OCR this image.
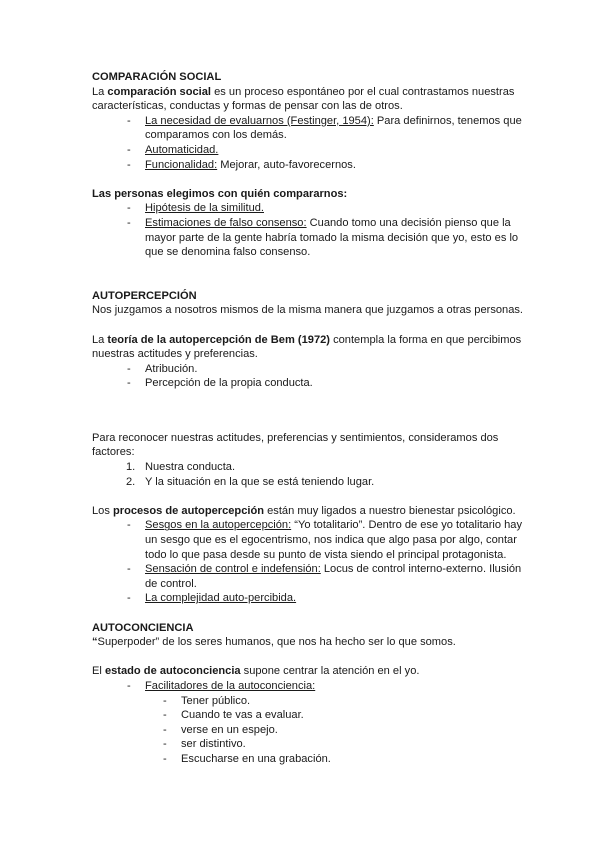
COMPARACIÓN SOCIAL

La comparación social es un proceso espontáneo por el cual contrastamos nuestras características, conductas y formas de pensar con las de otros.

- La necesidad de evaluarnos (Festinger, 1954): Para definirnos, tenemos que comparamos con los demás.
- Automaticidad.
- Funcionalidad: Mejorar, auto-favorecernos.

Las personas elegimos con quién compararnos:

- Hipótesis de la similitud.
- Estimaciones de falso consenso: Cuando tomo una decisión pienso que la mayor parte de la gente habría tomado la misma decisión que yo, esto es lo que se denomina falso consenso.

AUTOPERCEPCIÓN

Nos juzgamos a nosotros mismos de la misma manera que juzgamos a otras personas.

La teoría de la autopercepción de Bem (1972) contempla la forma en que percibimos nuestras actitudes y preferencias.

- Atribución.
- Percepción de la propia conducta.

Para reconocer nuestras actitudes, preferencias y sentimientos, consideramos dos factores:

1. Nuestra conducta.
2. Y la situación en la que se está teniendo lugar.

Los procesos de autopercepción están muy ligados a nuestro bienestar psicológico.

- Sesgos en la autopercepción: “Yo totalitario”. Dentro de ese yo totalitario hay un sesgo que es el egocentrismo, nos indica que algo pasa por algo, contar todo lo que pasa desde su punto de vista siendo el principal protagonista.
- Sensación de control e indefensión: Locus de control interno-externo. Ilusión de control.
- La complejidad auto-percibida.

AUTOCONCIENCIA

“Superpoder” de los seres humanos, que nos ha hecho ser lo que somos.

El estado de autoconciencia supone centrar la atención en el yo.

- Facilitadores de la autoconciencia:
- Tener público.
- Cuando te vas a evaluar.
- verse en un espejo.
- ser distintivo.
- Escucharse en una grabación.
